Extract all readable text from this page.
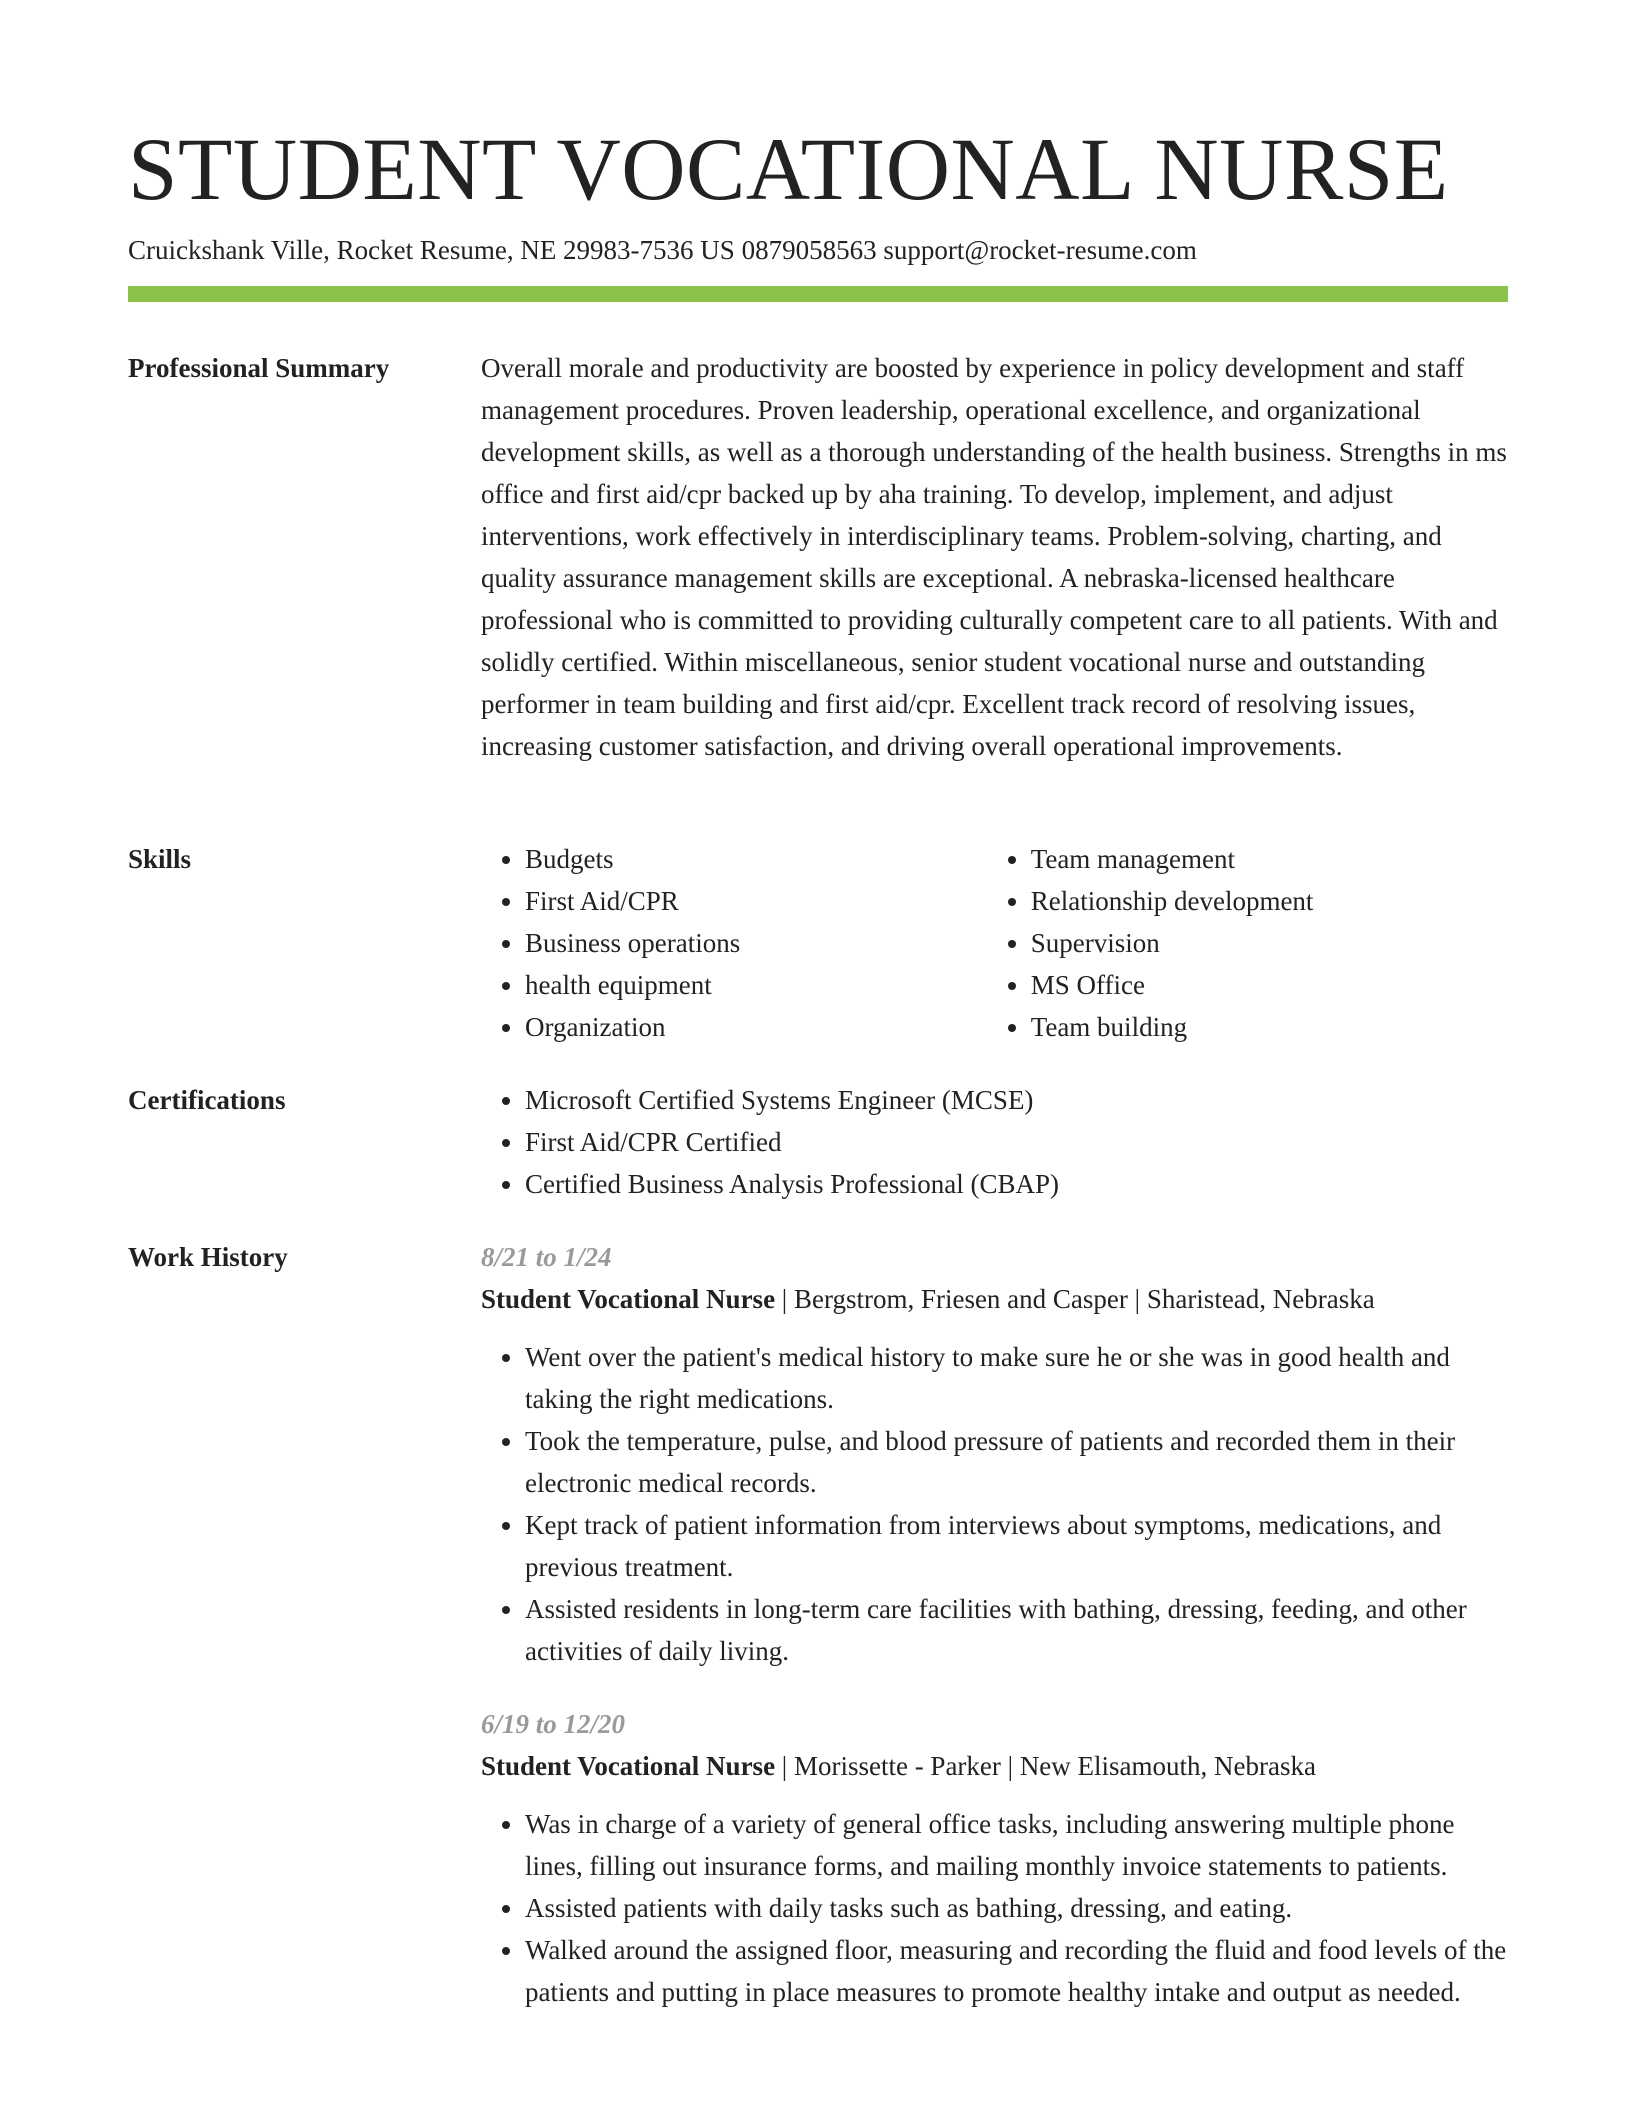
STUDENT VOCATIONAL NURSE
Cruickshank Ville, Rocket Resume, NE 29983-7536 US 0879058563 support@rocket-resume.com
Professional Summary	Overall morale and productivity are boosted by experience in policy development and staff management procedures. Proven leadership, operational excellence, and organizational development skills, as well as a thorough understanding of the health business. Strengths in ms office and first aid/cpr backed up by aha training. To develop, implement, and adjust interventions, work effectively in interdisciplinary teams. Problem-solving, charting, and quality assurance management skills are exceptional. A nebraska-licensed healthcare professional who is committed to providing culturally competent care to all patients. With and solidly certified. Within miscellaneous, senior student vocational nurse and outstanding performer in team building and first aid/cpr. Excellent track record of resolving issues, increasing customer satisfaction, and driving overall operational improvements.

Skills	• Budgets
• First Aid/CPR
• Business operations
• health equipment
• Organization
• Team management
• Relationship development
• Supervision
• MS Office
• Team building
Certifications	• Microsoft Certified Systems Engineer (MCSE)
• First Aid/CPR Certified
• Certified Business Analysis Professional (CBAP)
Work History	8/21 to 1/24
Student Vocational Nurse | Bergstrom, Friesen and Casper | Sharistead, Nebraska
• Went over the patient's medical history to make sure he or she was in good health and taking the right medications.
• Took the temperature, pulse, and blood pressure of patients and recorded them in their electronic medical records.
• Kept track of patient information from interviews about symptoms, medications, and previous treatment.
• Assisted residents in long-term care facilities with bathing, dressing, feeding, and other activities of daily living.
6/19 to 12/20
Student Vocational Nurse | Morissette - Parker | New Elisamouth, Nebraska
• Was in charge of a variety of general office tasks, including answering multiple phone lines, filling out insurance forms, and mailing monthly invoice statements to patients.
• Assisted patients with daily tasks such as bathing, dressing, and eating.
• Walked around the assigned floor, measuring and recording the fluid and food levels of the patients and putting in place measures to promote healthy intake and output as needed.
